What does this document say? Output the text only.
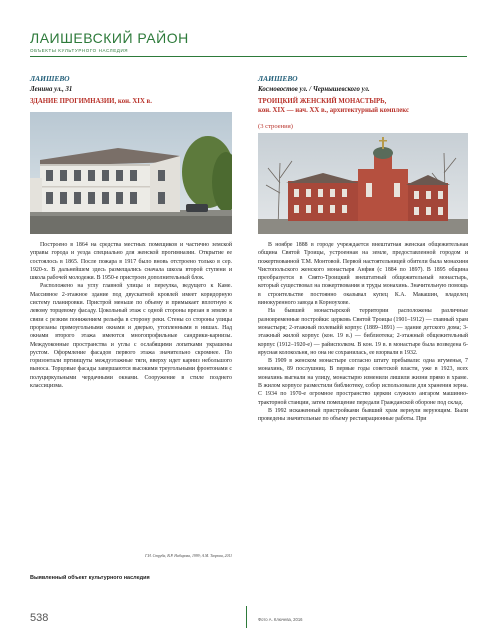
ЛАИШЕВСКИЙ РАЙОН
ОБЪЕКТЫ КУЛЬТУРНОГО НАСЛЕДИЯ
ЛАИШЕВО
Ленина ул., 31
ЗДАНИЕ ПРОГИМНАЗИИ, кон. XIX в.
ЛАИШЕВО
Космовостов ул. / Чернышевского ул.
ТРОИЦКИЙ ЖЕНСКИЙ МОНАСТЫРЬ,
кон. XIX — нач. XX в., архитектурный комплекс
(3 строения)

Построено в 1864 на средства местных помещиков и частично земской управы города и уезда специально для женской прогимназии. Открытие ее состоялось в 1865. После пожара в 1917 было вновь отстроено только в сер. 1920-х. В дальнейшем здесь размещались сначала школа второй ступени и школа рабочей молодежи. В 1950-е пристроен дополнительный блок.

Расположено на углу главной улицы и переулка, ведущего к Каме. Массивное 2-этажное здание под двускатной кровлей имеет коридорную систему планировки. Пристрой меньше по объему и примыкает вплотную к левому торцевому фасаду. Цокольный этаж с одной стороны врезан в землю в связи с резким понижением рельефа в сторону реки. Стены со стороны улицы прорезаны прямоугольными окнами и дверью, утопленными в нишах. Над окнами второго этажа имеются многопрофильные сандрики-карнизы. Междуоконные пространства и углы с ослабящими лопатками украшены рустом. Оформление фасадов первого этажа значительно скромнее. По горизонтали пртиищуты междуэтажные тяги, вверху идет карниз небольшого выноса. Торцовые фасады завершаются высокими треугольными фронтонами с полуциркульными чердачными окнами. Сооружение в стиле позднего классицизма.

Г.Н. Струба, В.Р. Набирова, 1999; А.М. Тазрова, 2011
Выявленный объект культурного наследия

В ноябре 1888 в городе учреждается внештатная женская общежительная община Святой Троицы, устроенная на земле, предоставленной городом и пожертвованной Т.М. Монтовой. Первой настоятельницей обители была монахиня Чистопольского женского монастыря Анфия (с 1884 по 1897). В 1895 община преобразуется в Свято-Троицкий внештатный общежительный монастырь, который существовал на пожертвования и труды монахинь. Значительную помощь в строительстве постоянно оказывал купец К.А. Макашин, владелец винокуренного завода в Корноухове.

На бывшей монастырской территории расположены различные разновременные постройки: церковь Святой Троицы (1901–1912) — главный храм монастыря; 2-этажный полевыйй корпус (1889–1891) — здание детского дома; 3-этажный жилой корпус (кон. 19 в.) — библиотека; 2-этажный общежительный корпус (1912–1920-е) — райисполком. В кон. 19 в. в монастыре была возведена 6-ярусная колокольня, но она не сохранилась, ее взорвали в 1932.

В 1909 в женском монастыре согласно штату пребывали: одна игуменья, 7 монахинь, 89 послушниц. В первые годы советской власти, уже в 1923, всех монахинь выгнали на улицу, монастырю изменили лишили жизни прямо в храме. В жилом корпусе разместили библиотеку, собор использовали для хранения зерна. С 1934 по 1970-е огромное пространство церкви служило ангаром машинно-тракторной станции, затем помещение передали Гражданской обороне под склад.

В 1992 искаженный пристройками бывший храм вернули верующим. Были проведены значительные по объему реставрационные работы. При

538	Фото А. Ключева, 2016
